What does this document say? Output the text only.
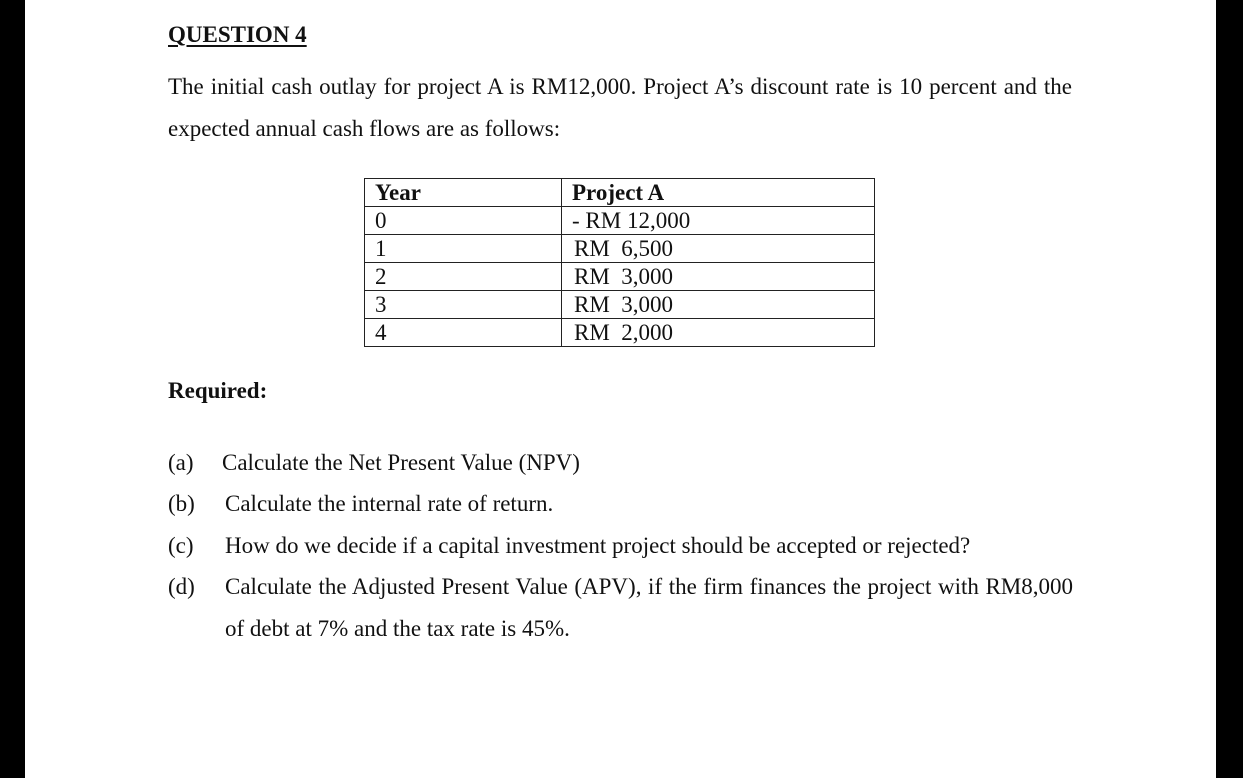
QUESTION 4
The initial cash outlay for project A is RM12,000. Project A’s discount rate is 10 percent and the expected annual cash flows are as follows:
Year	Project A
0	- RM 12,000
1	RM  6,500
2	RM  3,000
3	RM  3,000
4	RM  2,000
Required:
(a) Calculate the Net Present Value (NPV)
(b) Calculate the internal rate of return.
(c) How do we decide if a capital investment project should be accepted or rejected?
(d) Calculate the Adjusted Present Value (APV), if the firm finances the project with RM8,000 of debt at 7% and the tax rate is 45%.
